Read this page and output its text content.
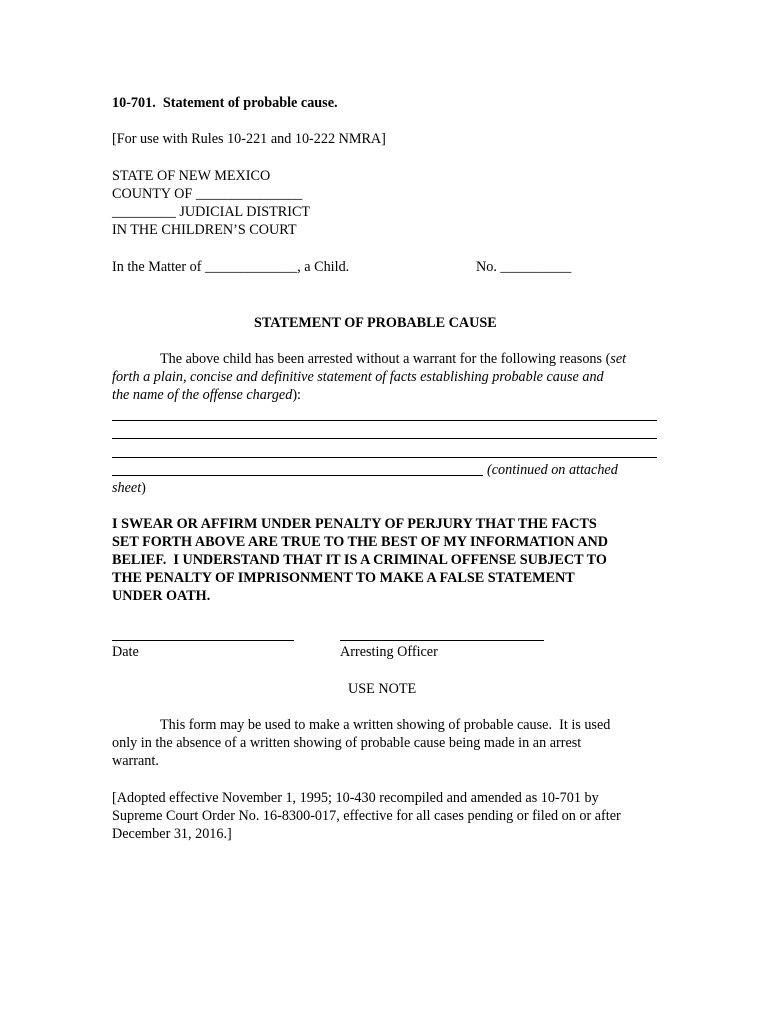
10-701.  Statement of probable cause.
[For use with Rules 10-221 and 10-222 NMRA]
STATE OF NEW MEXICO
COUNTY OF _______________
_________ JUDICIAL DISTRICT
IN THE CHILDREN’S COURT
In the Matter of _____________, a Child.	No. __________
STATEMENT OF PROBABLE CAUSE
The above child has been arrested without a warrant for the following reasons (set
forth a plain, concise and definitive statement of facts establishing probable cause and
the name of the offense charged):
(continued on attached
sheet)
I SWEAR OR AFFIRM UNDER PENALTY OF PERJURY THAT THE FACTS
SET FORTH ABOVE ARE TRUE TO THE BEST OF MY INFORMATION AND
BELIEF.  I UNDERSTAND THAT IT IS A CRIMINAL OFFENSE SUBJECT TO
THE PENALTY OF IMPRISONMENT TO MAKE A FALSE STATEMENT
UNDER OATH.
Date	Arresting Officer
USE NOTE
This form may be used to make a written showing of probable cause.  It is used
only in the absence of a written showing of probable cause being made in an arrest
warrant.
[Adopted effective November 1, 1995; 10-430 recompiled and amended as 10-701 by
Supreme Court Order No. 16-8300-017, effective for all cases pending or filed on or after
December 31, 2016.]
